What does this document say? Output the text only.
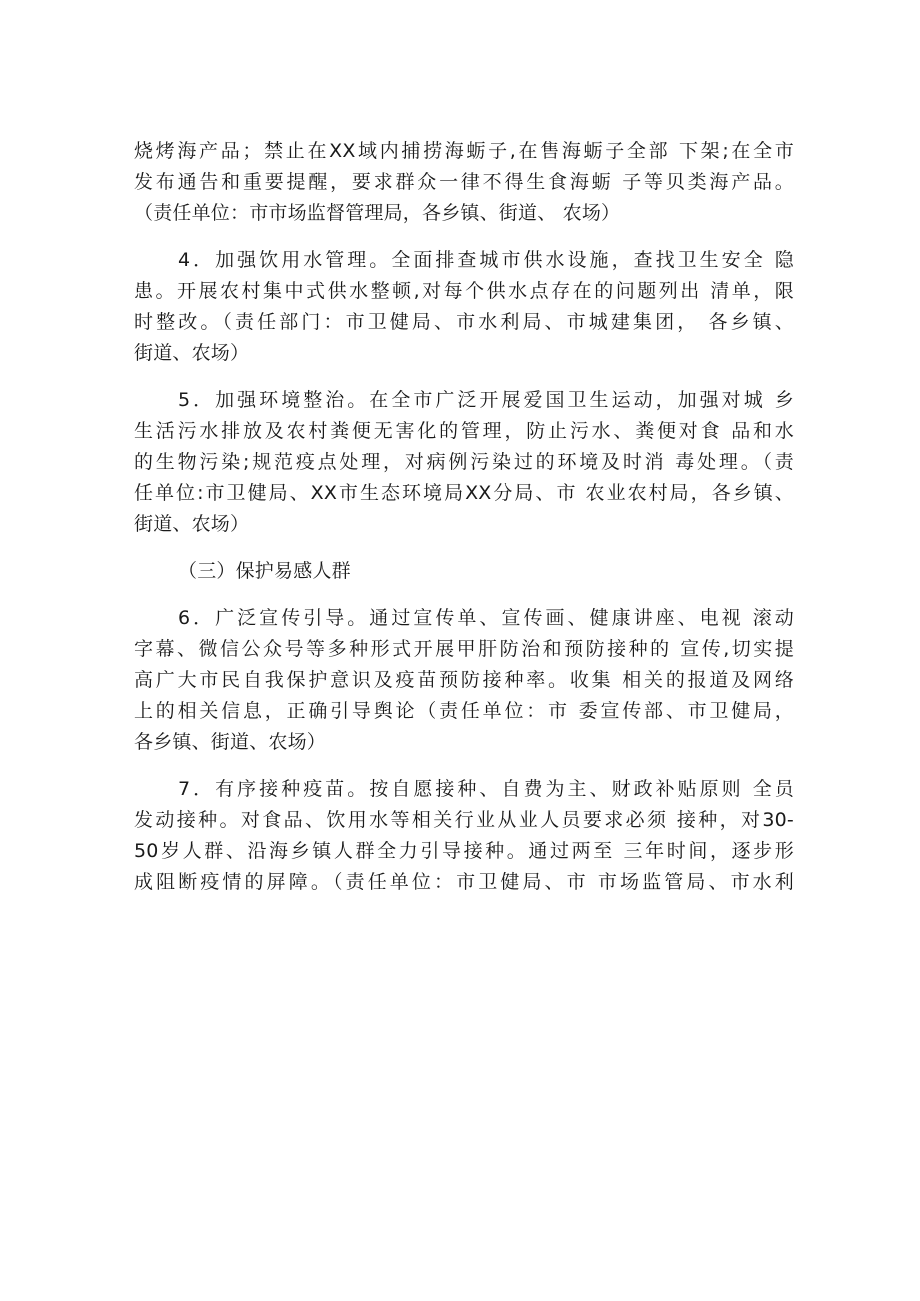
烧烤海产品；禁止在XX域内捕捞海蛎子,在售海蛎子全部 下架;在全市
发布通告和重要提醒，要求群众一律不得生食海蛎 子等贝类海产品。
（责任单位：市市场监督管理局，各乡镇、街道、 农场）
4．加强饮用水管理。全面排查城市供水设施，查找卫生安全 隐
患。开展农村集中式供水整顿,对每个供水点存在的问题列出 清单，限
时整改。（责任部门：市卫健局、市水利局、市城建集团， 各乡镇、
街道、农场）
5．加强环境整治。在全市广泛开展爱国卫生运动，加强对城 乡
生活污水排放及农村粪便无害化的管理，防止污水、粪便对食 品和水
的生物污染;规范疫点处理，对病例污染过的环境及时消 毒处理。（责
任单位:市卫健局、XX市生态环境局XX分局、市 农业农村局，各乡镇、
街道、农场）
（三）保护易感人群
6．广泛宣传引导。通过宣传单、宣传画、健康讲座、电视 滚动
字幕、微信公众号等多种形式开展甲肝防治和预防接种的 宣传,切实提
高广大市民自我保护意识及疫苗预防接种率。收集 相关的报道及网络
上的相关信息，正确引导舆论（责任单位：市 委宣传部、市卫健局，
各乡镇、街道、农场）
7．有序接种疫苗。按自愿接种、自费为主、财政补贴原则 全员
发动接种。对食品、饮用水等相关行业从业人员要求必须 接种，对30-
50岁人群、沿海乡镇人群全力引导接种。通过两至 三年时间，逐步形
成阻断疫情的屏障。（责任单位：市卫健局、市 市场监管局、市水利
